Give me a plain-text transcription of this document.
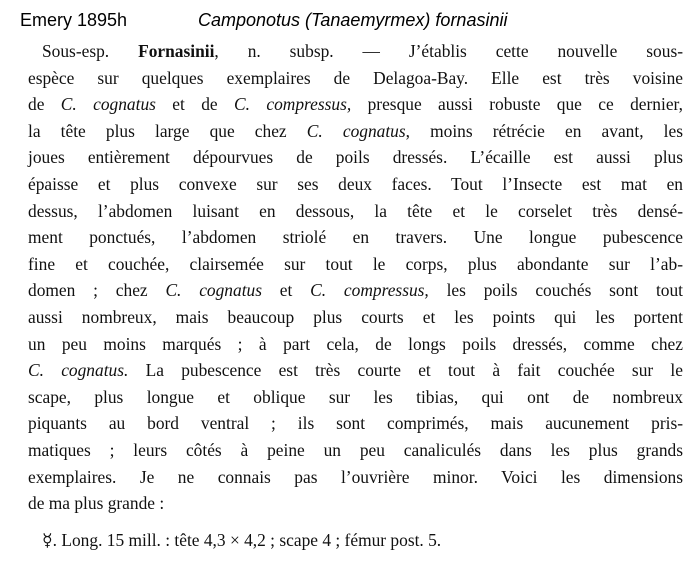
Emery 1895h	Camponotus (Tanaemyrmex) fornasinii
Sous-esp. Fornasinii, n. subsp. — J’établis cette nouvelle sous-
espèce sur quelques exemplaires de Delagoa-Bay. Elle est très voisine
de C. cognatus et de C. compressus, presque aussi robuste que ce dernier,
la tête plus large que chez C. cognatus, moins rétrécie en avant, les
joues entièrement dépourvues de poils dressés. L’écaille est aussi plus
épaisse et plus convexe sur ses deux faces. Tout l’Insecte est mat en
dessus, l’abdomen luisant en dessous, la tête et le corselet très densé-
ment ponctués, l’abdomen striolé en travers. Une longue pubescence
fine et couchée, clairsemée sur tout le corps, plus abondante sur l’ab-
domen ; chez C. cognatus et C. compressus, les poils couchés sont tout
aussi nombreux, mais beaucoup plus courts et les points qui les portent
un peu moins marqués ; à part cela, de longs poils dressés, comme chez
C. cognatus. La pubescence est très courte et tout à fait couchée sur le
scape, plus longue et oblique sur les tibias, qui ont de nombreux
piquants au bord ventral ; ils sont comprimés, mais aucunement pris-
matiques ; leurs côtés à peine un peu canaliculés dans les plus grands
exemplaires. Je ne connais pas l’ouvrière minor. Voici les dimensions
de ma plus grande :
☿. Long. 15 mill. : tête 4,3 × 4,2 ; scape 4 ; fémur post. 5.
